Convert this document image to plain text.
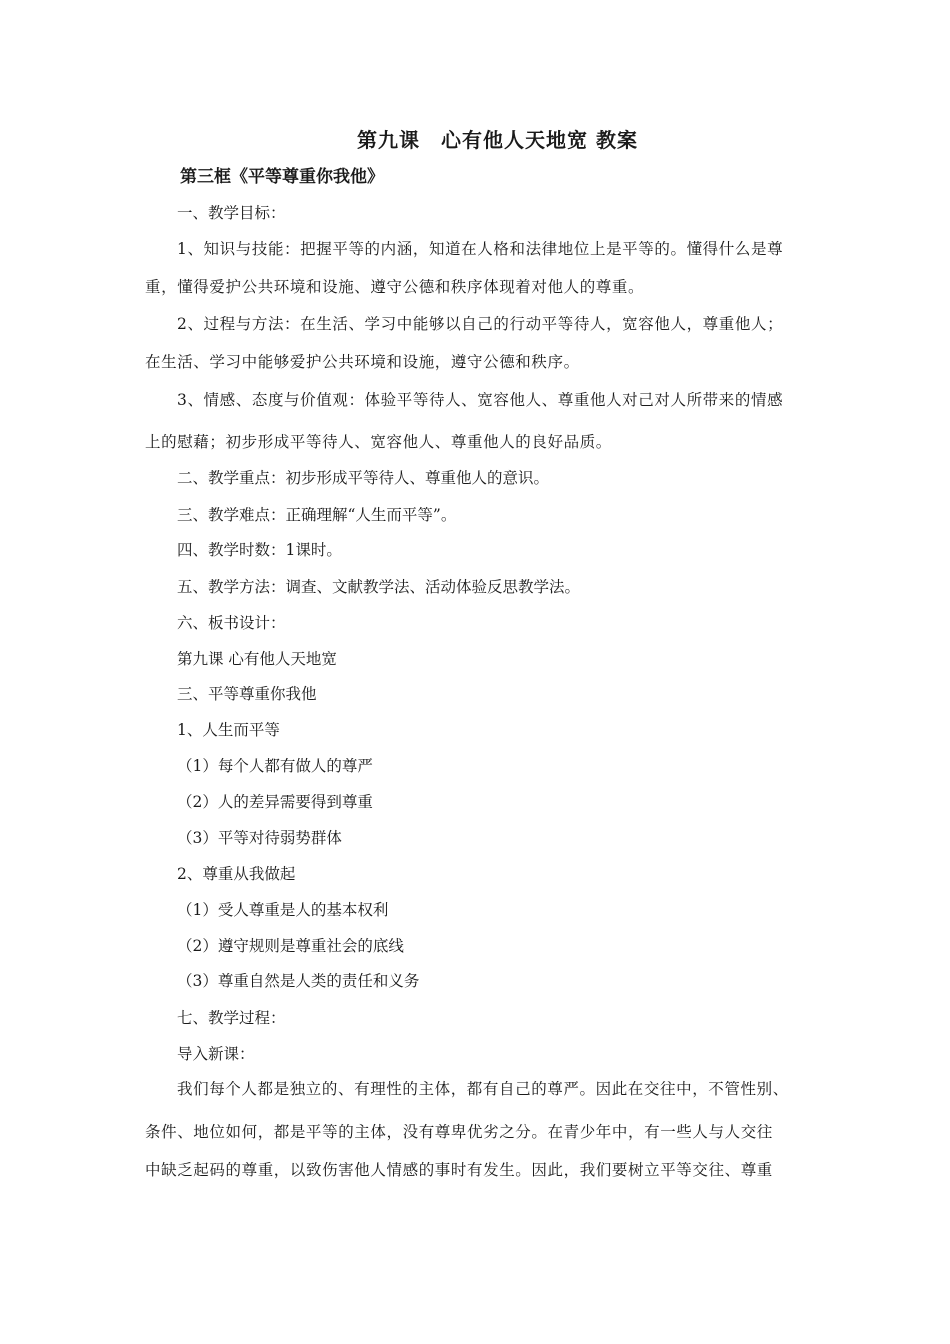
第九课　心有他人天地宽 教案
第三框《平等尊重你我他》
一、教学目标：
1、知识与技能：把握平等的内涵，知道在人格和法律地位上是平等的。懂得什么是尊
重，懂得爱护公共环境和设施、遵守公德和秩序体现着对他人的尊重。
2、过程与方法：在生活、学习中能够以自己的行动平等待人，宽容他人，尊重他人；
在生活、学习中能够爱护公共环境和设施，遵守公德和秩序。
3、情感、态度与价值观：体验平等待人、宽容他人、尊重他人对己对人所带来的情感
上的慰藉；初步形成平等待人、宽容他人、尊重他人的良好品质。
二、教学重点：初步形成平等待人、尊重他人的意识。
三、教学难点：正确理解“人生而平等”。
四、教学时数：1课时。
五、教学方法：调查、文献教学法、活动体验反思教学法。
六、板书设计：
第九课 心有他人天地宽
三、平等尊重你我他
1、人生而平等
（1）每个人都有做人的尊严
（2）人的差异需要得到尊重
（3）平等对待弱势群体
2、尊重从我做起
（1）受人尊重是人的基本权利
（2）遵守规则是尊重社会的底线
（3）尊重自然是人类的责任和义务
七、教学过程：
导入新课：
我们每个人都是独立的、有理性的主体，都有自己的尊严。因此在交往中，不管性别、
条件、地位如何，都是平等的主体，没有尊卑优劣之分。在青少年中，有一些人与人交往
中缺乏起码的尊重，以致伤害他人情感的事时有发生。因此，我们要树立平等交往、尊重
